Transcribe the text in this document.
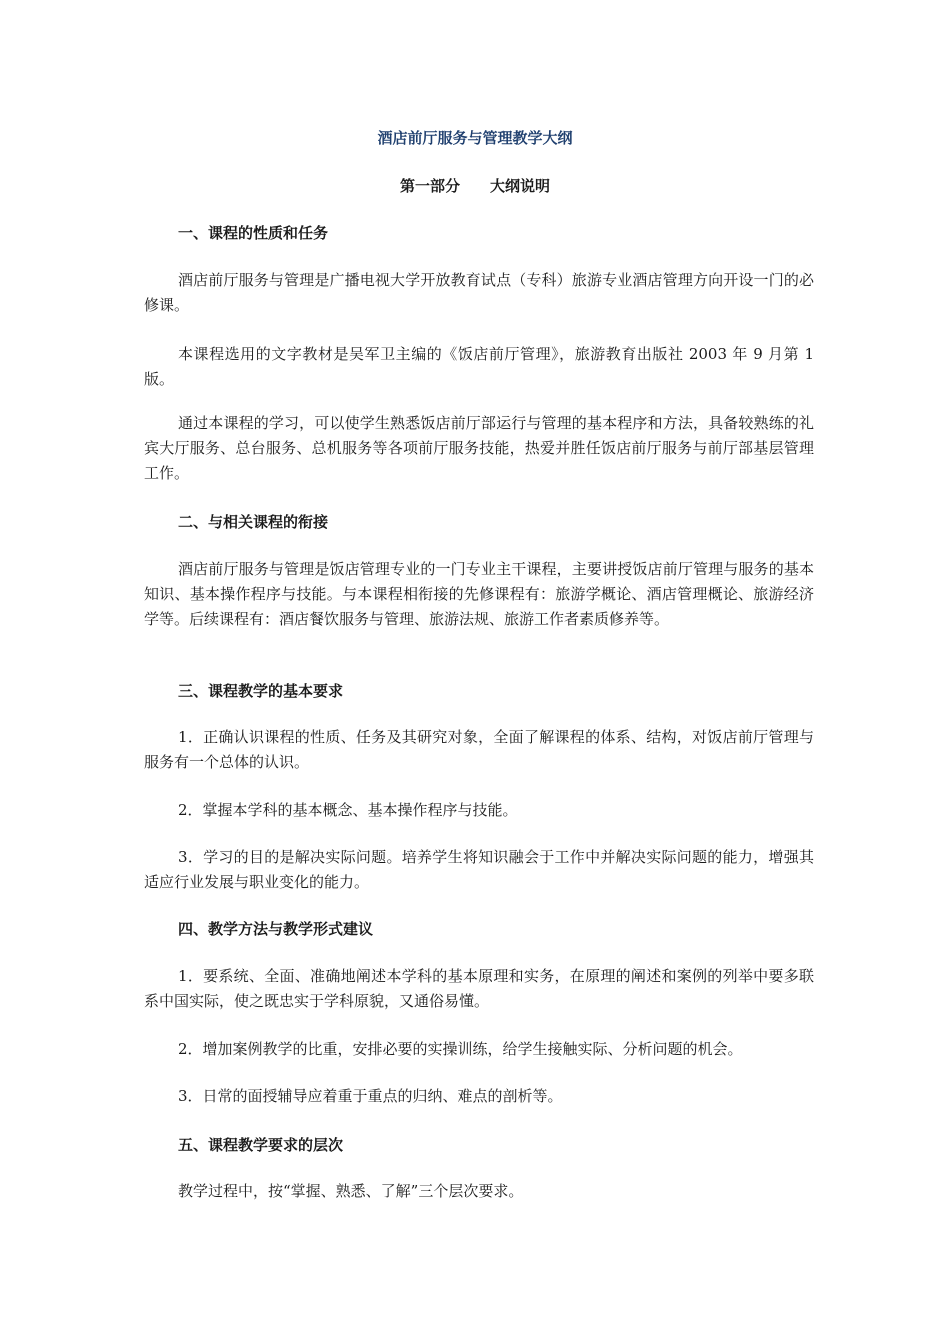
酒店前厅服务与管理教学大纲
第一部分　　大纲说明
一、课程的性质和任务

酒店前厅服务与管理是广播电视大学开放教育试点（专科）旅游专业酒店管理方向开设一门的必修课。

本课程选用的文字教材是吴军卫主编的《饭店前厅管理》，旅游教育出版社 2003 年 9 月第 1 版。

通过本课程的学习，可以使学生熟悉饭店前厅部运行与管理的基本程序和方法，具备较熟练的礼宾大厅服务、总台服务、总机服务等各项前厅服务技能，热爱并胜任饭店前厅服务与前厅部基层管理工作。

二、与相关课程的衔接

酒店前厅服务与管理是饭店管理专业的一门专业主干课程，主要讲授饭店前厅管理与服务的基本知识、基本操作程序与技能。与本课程相衔接的先修课程有：旅游学概论、酒店管理概论、旅游经济学等。后续课程有：酒店餐饮服务与管理、旅游法规、旅游工作者素质修养等。

三、课程教学的基本要求

1．正确认识课程的性质、任务及其研究对象，全面了解课程的体系、结构，对饭店前厅管理与服务有一个总体的认识。

2．掌握本学科的基本概念、基本操作程序与技能。

3．学习的目的是解决实际问题。培养学生将知识融会于工作中并解决实际问题的能力，增强其适应行业发展与职业变化的能力。

四、教学方法与教学形式建议

1．要系统、全面、准确地阐述本学科的基本原理和实务，在原理的阐述和案例的列举中要多联系中国实际，使之既忠实于学科原貌，又通俗易懂。

2．增加案例教学的比重，安排必要的实操训练，给学生接触实际、分析问题的机会。

3．日常的面授辅导应着重于重点的归纳、难点的剖析等。

五、课程教学要求的层次

教学过程中，按“掌握、熟悉、了解”三个层次要求。
